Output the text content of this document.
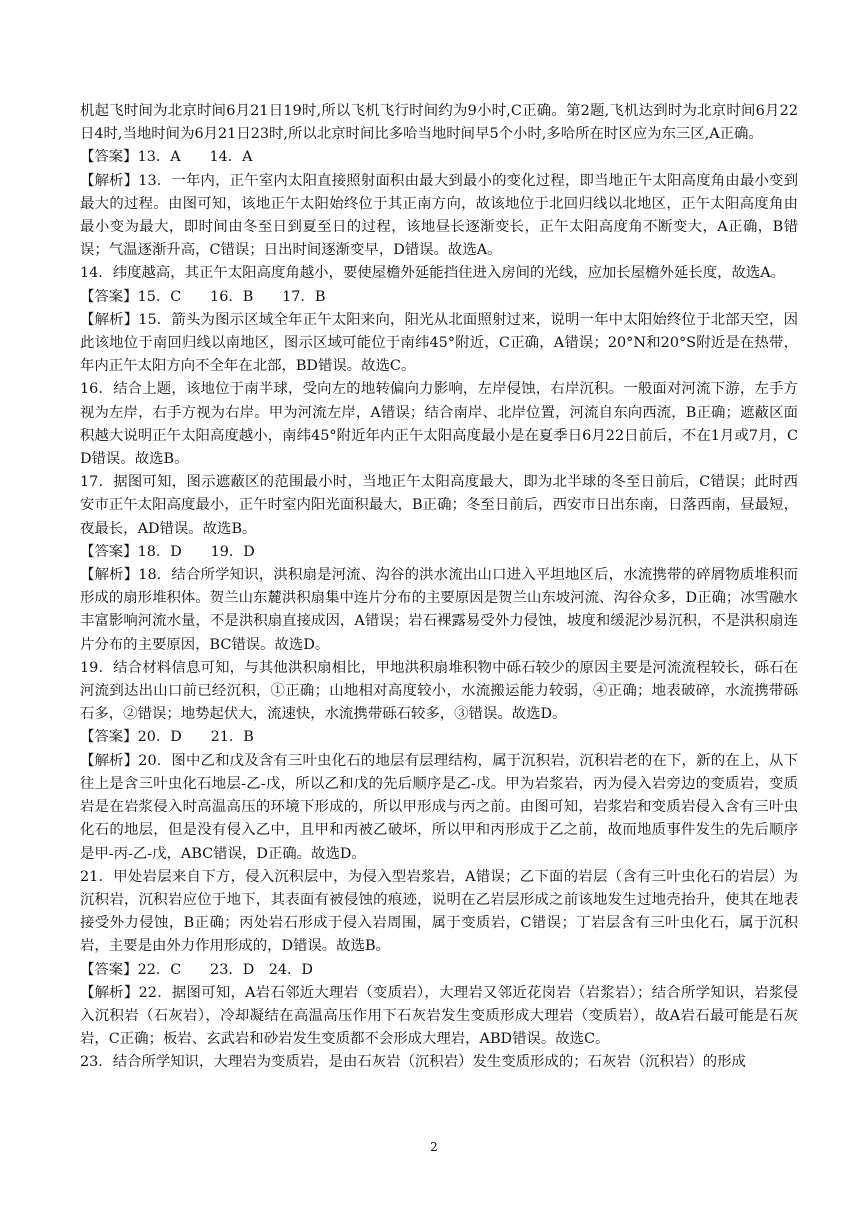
机起飞时间为北京时间6月21日19时,所以飞机飞行时间约为9小时,C正确。第2题,飞机达到时为北京时间6月22日4时,当地时间为6月21日23时,所以北京时间比多哈当地时间早5个小时,多哈所在时区应为东三区,A正确。

【答案】13．A　　14．A

【解析】13．一年内，正午室内太阳直接照射面积由最大到最小的变化过程，即当地正午太阳高度角由最小变到最大的过程。由图可知，该地正午太阳始终位于其正南方向，故该地位于北回归线以北地区，正午太阳高度角由最小变为最大，即时间由冬至日到夏至日的过程，该地昼长逐渐变长，正午太阳高度角不断变大，A正确，B错误；气温逐渐升高，C错误；日出时间逐渐变早，D错误。故选A。

14．纬度越高，其正午太阳高度角越小，要使屋檐外延能挡住进入房间的光线，应加长屋檐外延长度，故选A。

【答案】15．C　　16．B　　17．B

【解析】15．箭头为图示区域全年正午太阳来向，阳光从北面照射过来，说明一年中太阳始终位于北部天空，因此该地位于南回归线以南地区，图示区域可能位于南纬45°附近，C正确，A错误；20°N和20°S附近是在热带，年内正午太阳方向不全年在北部，BD错误。故选C。

16．结合上题，该地位于南半球，受向左的地转偏向力影响，左岸侵蚀，右岸沉积。一般面对河流下游，左手方视为左岸，右手方视为右岸。甲为河流左岸，A错误；结合南岸、北岸位置，河流自东向西流，B正确；遮蔽区面积越大说明正午太阳高度越小，南纬45°附近年内正午太阳高度最小是在夏季日6月22日前后，不在1月或7月，CD错误。故选B。

17．据图可知，图示遮蔽区的范围最小时，当地正午太阳高度最大，即为北半球的冬至日前后，C错误；此时西安市正午太阳高度最小，正午时室内阳光面积最大，B正确；冬至日前后，西安市日出东南，日落西南，昼最短，夜最长，AD错误。故选B。

【答案】18．D　　19．D

【解析】18．结合所学知识，洪积扇是河流、沟谷的洪水流出山口进入平坦地区后，水流携带的碎屑物质堆积而形成的扇形堆积体。贺兰山东麓洪积扇集中连片分布的主要原因是贺兰山东坡河流、沟谷众多，D正确；冰雪融水丰富影响河流水量，不是洪积扇直接成因，A错误；岩石裸露易受外力侵蚀，坡度和缓泥沙易沉积，不是洪积扇连片分布的主要原因，BC错误。故选D。

19．结合材料信息可知，与其他洪积扇相比，甲地洪积扇堆积物中砾石较少的原因主要是河流流程较长，砾石在河流到达出山口前已经沉积，①正确；山地相对高度较小，水流搬运能力较弱，④正确；地表破碎，水流携带砾石多，②错误；地势起伏大，流速快，水流携带砾石较多，③错误。故选D。

【答案】20．D　　21．B

【解析】20．图中乙和戊及含有三叶虫化石的地层有层理结构，属于沉积岩，沉积岩老的在下，新的在上，从下往上是含三叶虫化石地层-乙-戊，所以乙和戊的先后顺序是乙-戊。甲为岩浆岩，丙为侵入岩旁边的变质岩，变质岩是在岩浆侵入时高温高压的环境下形成的，所以甲形成与丙之前。由图可知，岩浆岩和变质岩侵入含有三叶虫化石的地层，但是没有侵入乙中，且甲和丙被乙破坏，所以甲和丙形成于乙之前，故而地质事件发生的先后顺序是甲-丙-乙-戊，ABC错误，D正确。故选D。

21．甲处岩层来自下方，侵入沉积层中，为侵入型岩浆岩，A错误；乙下面的岩层（含有三叶虫化石的岩层）为沉积岩，沉积岩应位于地下，其表面有被侵蚀的痕迹，说明在乙岩层形成之前该地发生过地壳抬升，使其在地表接受外力侵蚀，B正确；丙处岩石形成于侵入岩周围，属于变质岩，C错误；丁岩层含有三叶虫化石，属于沉积岩，主要是由外力作用形成的，D错误。故选B。

【答案】22．C　　23．D　24．D

【解析】22．据图可知，A岩石邻近大理岩（变质岩），大理岩又邻近花岗岩（岩浆岩）；结合所学知识，岩浆侵入沉积岩（石灰岩），冷却凝结在高温高压作用下石灰岩发生变质形成大理岩（变质岩），故A岩石最可能是石灰岩，C正确；板岩、玄武岩和砂岩发生变质都不会形成大理岩，ABD错误。故选C。

23．结合所学知识，大理岩为变质岩，是由石灰岩（沉积岩）发生变质形成的；石灰岩（沉积岩）的形成

2
